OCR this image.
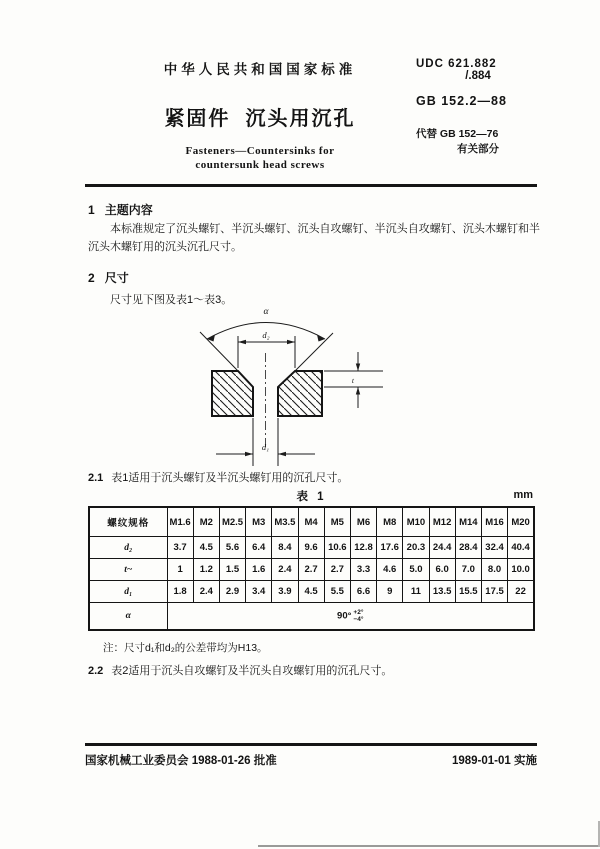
中华人民共和国国家标准
紧固件  沉头用沉孔
Fasteners—Countersinks for
countersunk head screws
UDC 621.882
/.884
GB 152.2—88
代替 GB 152—76
有关部分
1 主题内容
本标准规定了沉头螺钉、半沉头螺钉、沉头自攻螺钉、半沉头自攻螺钉、沉头木螺钉和半沉头木螺钉用的沉头沉孔尺寸。
2 尺寸
尺寸见下图及表1～表3。
α
d₂
t
d₁
2.1 表1适用于沉头螺钉及半沉头螺钉用的沉孔尺寸。
表 1	mm
螺纹规格	M1.6	M2	M2.5	M3	M3.5	M4	M5	M6	M8	M10	M12	M14	M16	M20
d₂	3.7	4.5	5.6	6.4	8.4	9.6	10.6	12.8	17.6	20.3	24.4	28.4	32.4	40.4
t~	1	1.2	1.5	1.6	2.4	2.7	2.7	3.3	4.6	5.0	6.0	7.0	8.0	10.0
d₁	1.8	2.4	2.9	3.4	3.9	4.5	5.5	6.6	9	11	13.5	15.5	17.5	22
α	90° +2°
−4°													
注：尺寸d₁和d₂的公差带均为H13。
2.2 表2适用于沉头自攻螺钉及半沉头自攻螺钉用的沉孔尺寸。
国家机械工业委员会 1988-01-26 批准	1989-01-01 实施
